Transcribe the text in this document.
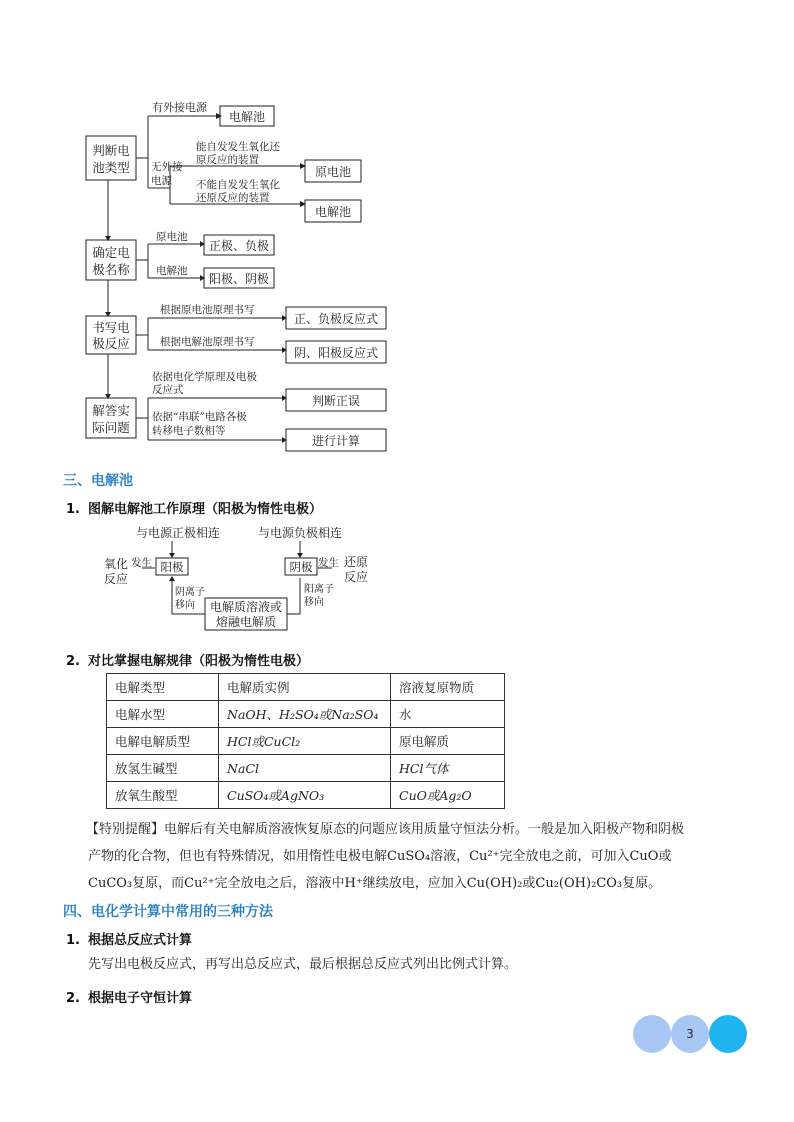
判断电
池类型
确定电
极名称
书写电
极反应
解答实
际问题
有外接电源
电解池
无外接
电源
能自发发生氧化还
原反应的装置
原电池
不能自发发生氧化
还原反应的装置
电解池
原电池
正极、负极
电解池
阳极、阴极
根据原电池原理书写
正、负极反应式
根据电解池原理书写
阴、阳极反应式
依据电化学原理及电极
反应式
判断正误
依据“串联”电路各极
转移电子数相等
进行计算
三、电解池
1. 图解电解池工作原理（阳极为惰性电极）
与电源正极相连	与电源负极相连
氧化
反应
发生 阳极	阴极 发生 还原
反应
阴离子
移向
阳离子
移向
电解质溶液或
熔融电解质
2. 对比掌握电解规律（阳极为惰性电极）
电解类型	电解质实例	溶液复原物质
电解水型	NaOH、H₂SO₄或Na₂SO₄	水
电解电解质型	HCl或CuCl₂	原电解质
放氢生碱型	NaCl	HCl气体
放氧生酸型	CuSO₄或AgNO₃	CuO或Ag₂O
【特别提醒】电解后有关电解质溶液恢复原态的问题应该用质量守恒法分析。一般是加入阳极产物和阴极
产物的化合物，但也有特殊情况，如用惰性电极电解CuSO₄溶液，Cu²⁺完全放电之前，可加入CuO或
CuCO₃复原，而Cu²⁺完全放电之后，溶液中H⁺继续放电，应加入Cu(OH)₂或Cu₂(OH)₂CO₃复原。
四、电化学计算中常用的三种方法
1. 根据总反应式计算
先写出电极反应式，再写出总反应式，最后根据总反应式列出比例式计算。
2. 根据电子守恒计算
3
